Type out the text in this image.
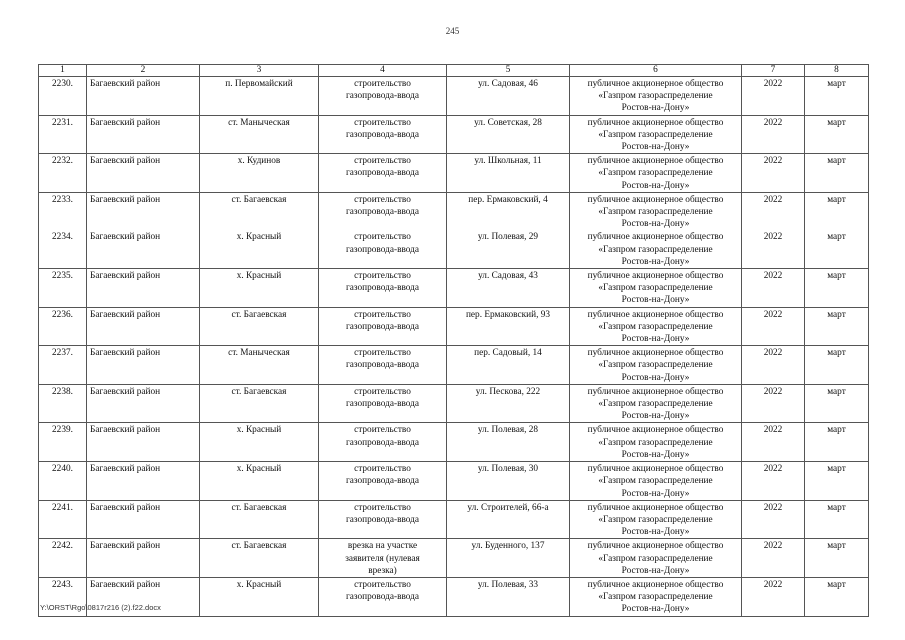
245
1	2	3	4	5	6	7	8
2230.	Багаевский район	п. Первомайский	строительство
газопровода-ввода	ул. Садовая, 46	публичное акционерное общество
«Газпром газораспределение
Ростов-на-Дону»	2022	март
2231.	Багаевский район	ст. Маныческая	строительство
газопровода-ввода	ул. Советская, 28	публичное акционерное общество
«Газпром газораспределение
Ростов-на-Дону»	2022	март
2232.	Багаевский район	х. Кудинов	строительство
газопровода-ввода	ул. Школьная, 11	публичное акционерное общество
«Газпром газораспределение
Ростов-на-Дону»	2022	март
2233.	Багаевский район	ст. Багаевская	строительство
газопровода-ввода	пер. Ермаковский, 4	публичное акционерное общество
«Газпром газораспределение
Ростов-на-Дону»	2022	март
2234.	Багаевский район	х. Красный	строительство
газопровода-ввода	ул. Полевая, 29	публичное акционерное общество
«Газпром газораспределение
Ростов-на-Дону»	2022	март
2235.	Багаевский район	х. Красный	строительство
газопровода-ввода	ул. Садовая, 43	публичное акционерное общество
«Газпром газораспределение
Ростов-на-Дону»	2022	март
2236.	Багаевский район	ст. Багаевская	строительство
газопровода-ввода	пер. Ермаковский, 93	публичное акционерное общество
«Газпром газораспределение
Ростов-на-Дону»	2022	март
2237.	Багаевский район	ст. Маныческая	строительство
газопровода-ввода	пер. Садовый, 14	публичное акционерное общество
«Газпром газораспределение
Ростов-на-Дону»	2022	март
2238.	Багаевский район	ст. Багаевская	строительство
газопровода-ввода	ул. Пескова, 222	публичное акционерное общество
«Газпром газораспределение
Ростов-на-Дону»	2022	март
2239.	Багаевский район	х. Красный	строительство
газопровода-ввода	ул. Полевая, 28	публичное акционерное общество
«Газпром газораспределение
Ростов-на-Дону»	2022	март
2240.	Багаевский район	х. Красный	строительство
газопровода-ввода	ул. Полевая, 30	публичное акционерное общество
«Газпром газораспределение
Ростов-на-Дону»	2022	март
2241.	Багаевский район	ст. Багаевская	строительство
газопровода-ввода	ул. Строителей, 66-а	публичное акционерное общество
«Газпром газораспределение
Ростов-на-Дону»	2022	март
2242.	Багаевский район	ст. Багаевская	врезка на участке
заявителя (нулевая
врезка)	ул. Буденного, 137	публичное акционерное общество
«Газпром газораспределение
Ростов-на-Дону»	2022	март
2243.	Багаевский район	х. Красный	строительство
газопровода-ввода	ул. Полевая, 33	публичное акционерное общество
«Газпром газораспределение
Ростов-на-Дону»	2022	март
Y:\ORST\Rgo\0817r216 (2).f22.docx
